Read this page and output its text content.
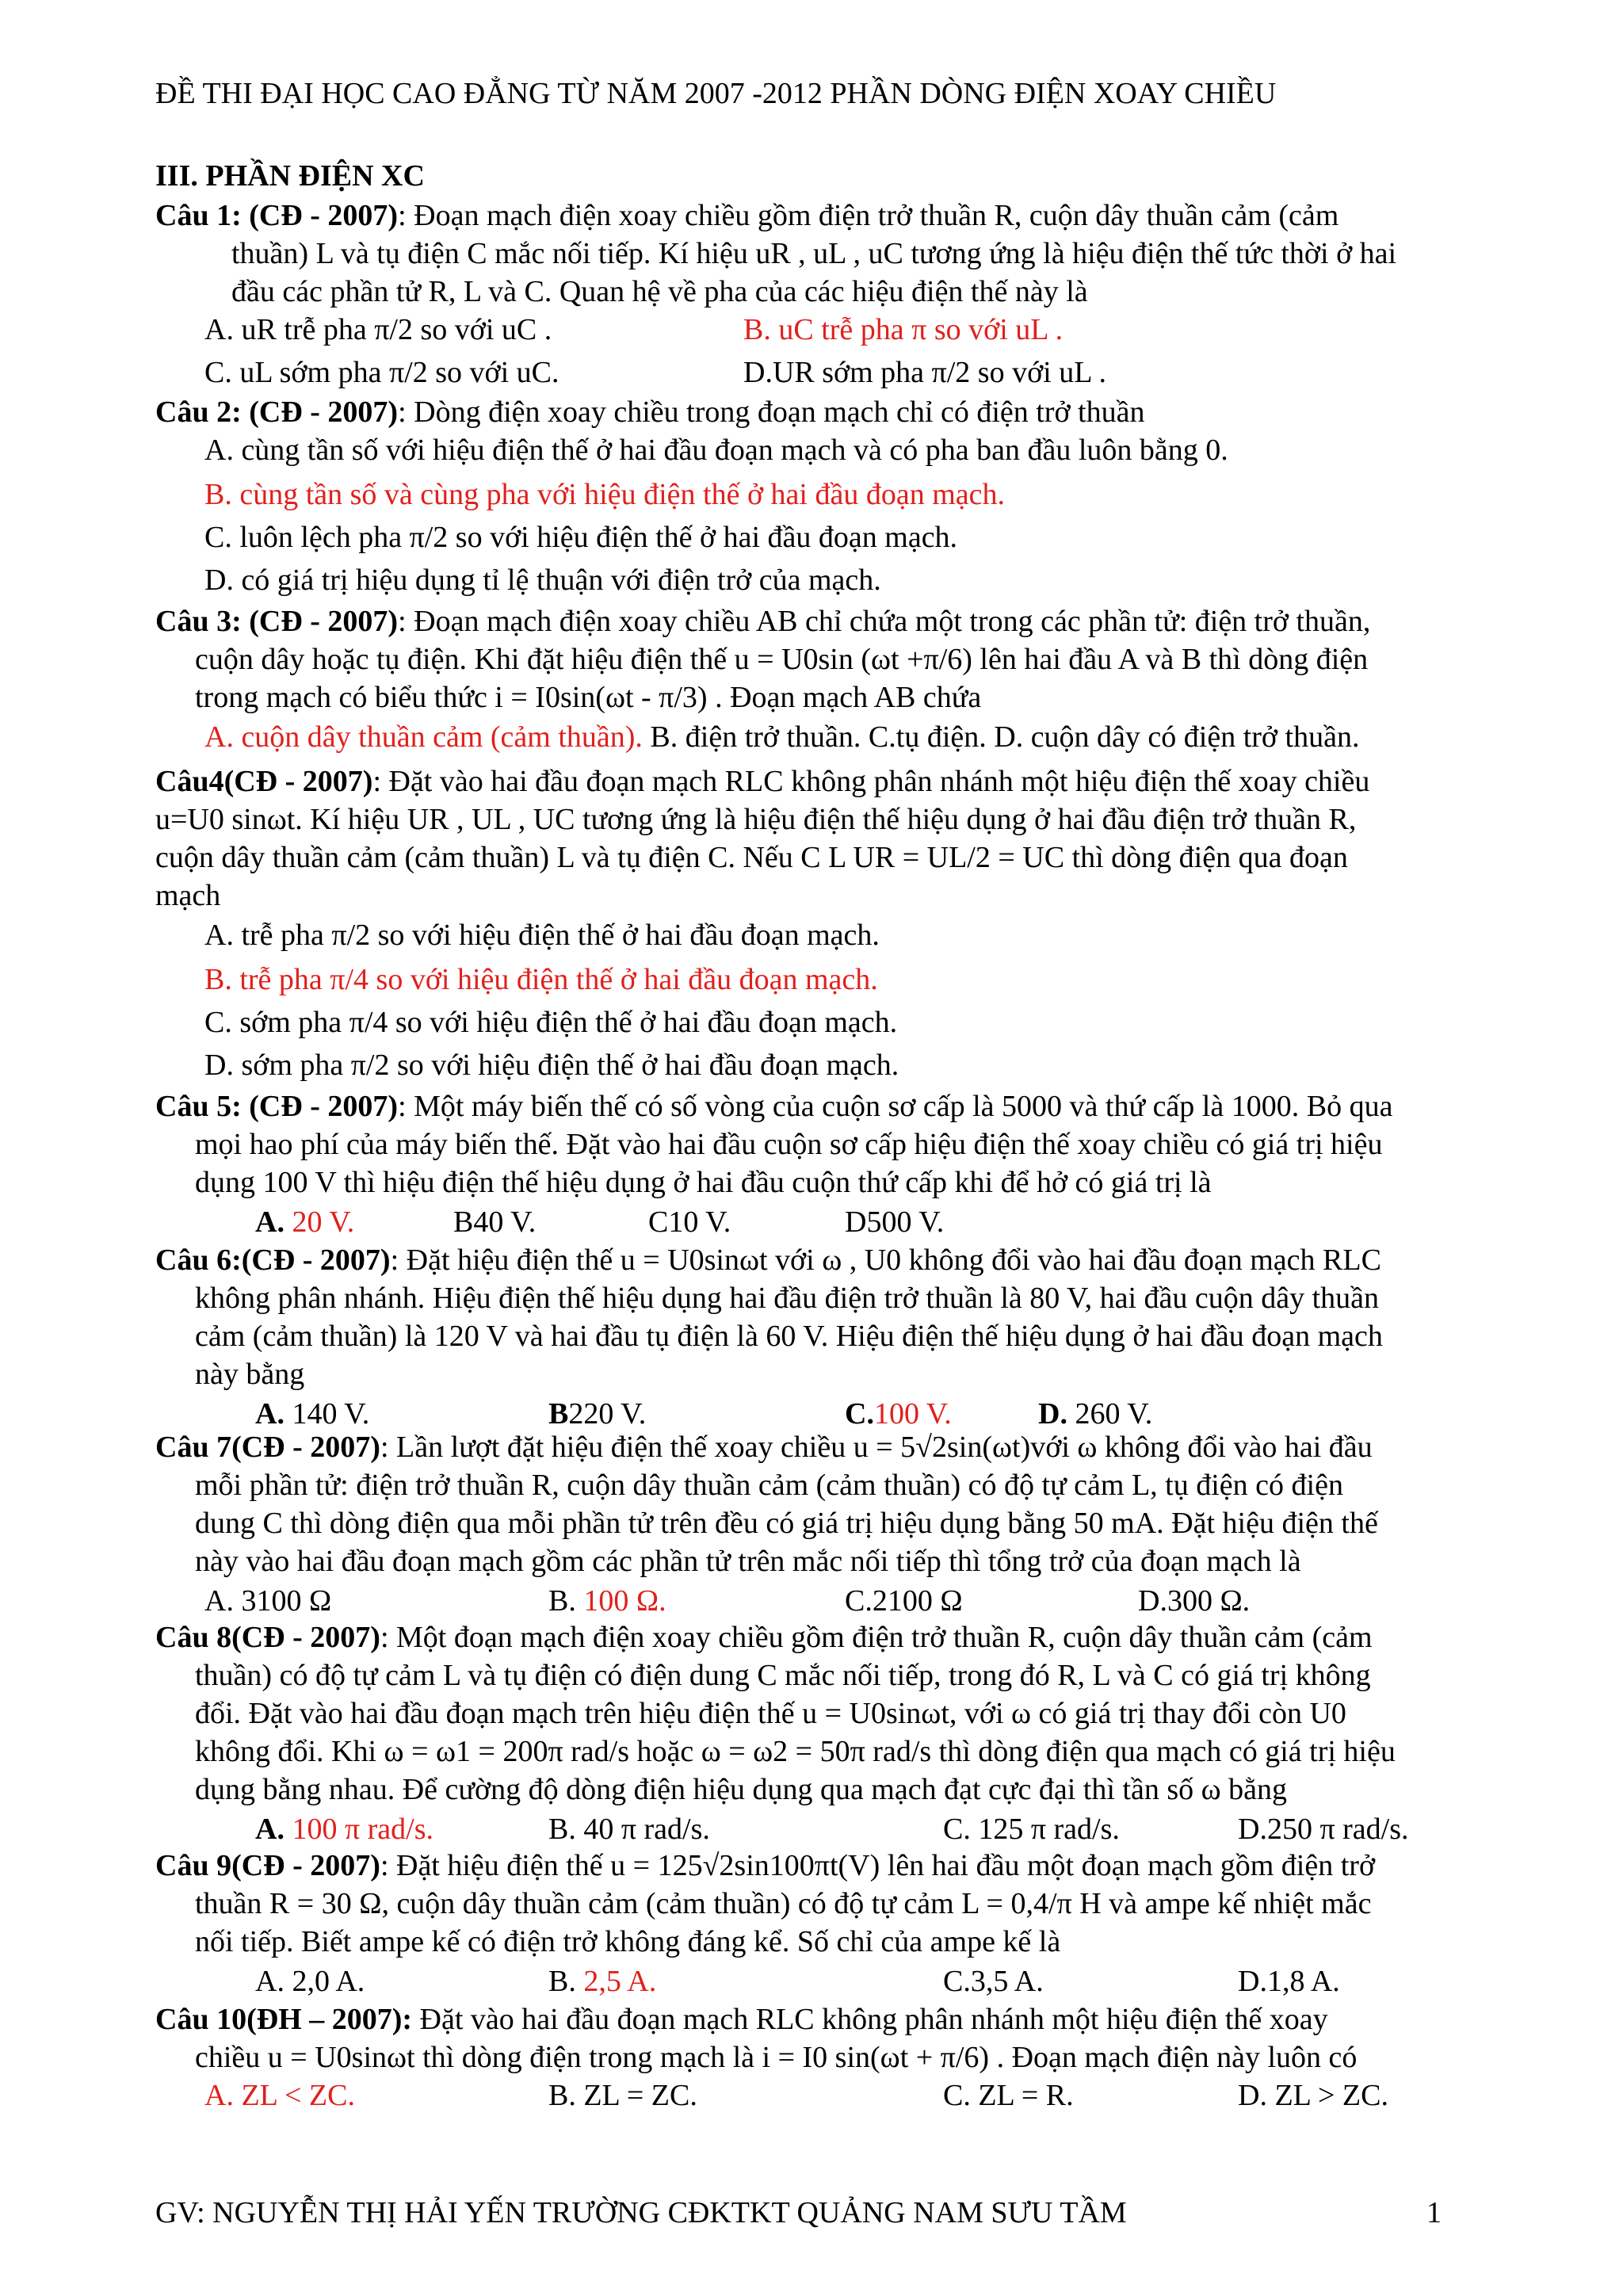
ĐỀ THI ĐẠI HỌC CAO ĐẲNG TỪ NĂM 2007 -2012 PHẦN DÒNG ĐIỆN XOAY CHIỀU
III. PHẦN ĐIỆN XC
Câu 1: (CĐ - 2007): Đoạn mạch điện xoay chiều gồm điện trở thuần R, cuộn dây thuần cảm (cảm
thuần) L và tụ điện C mắc nối tiếp. Kí hiệu uR , uL , uC tương ứng là hiệu điện thế tức thời ở hai
đầu các phần tử R, L và C. Quan hệ về pha của các hiệu điện thế này là
A. uR trễ pha π/2 so với uC .	B. uC trễ pha π so với uL .
C. uL sớm pha π/2 so với uC.	D.UR sớm pha π/2 so với uL .
Câu 2: (CĐ - 2007): Dòng điện xoay chiều trong đoạn mạch chỉ có điện trở thuần
A. cùng tần số với hiệu điện thế ở hai đầu đoạn mạch và có pha ban đầu luôn bằng 0.
B. cùng tần số và cùng pha với hiệu điện thế ở hai đầu đoạn mạch.
C. luôn lệch pha π/2 so với hiệu điện thế ở hai đầu đoạn mạch.
D. có giá trị hiệu dụng tỉ lệ thuận với điện trở của mạch.
Câu 3: (CĐ - 2007): Đoạn mạch điện xoay chiều AB chỉ chứa một trong các phần tử: điện trở thuần,
cuộn dây hoặc tụ điện. Khi đặt hiệu điện thế u = U0sin (ωt +π/6) lên hai đầu A và B thì dòng điện
trong mạch có biểu thức i = I0sin(ωt - π/3) . Đoạn mạch AB chứa
A. cuộn dây thuần cảm (cảm thuần). B. điện trở thuần. C.tụ điện. D. cuộn dây có điện trở thuần.
Câu4(CĐ - 2007): Đặt vào hai đầu đoạn mạch RLC không phân nhánh một hiệu điện thế xoay chiều
u=U0 sinωt. Kí hiệu UR , UL , UC tương ứng là hiệu điện thế hiệu dụng ở hai đầu điện trở thuần R,
cuộn dây thuần cảm (cảm thuần) L và tụ điện C. Nếu C L UR = UL/2 = UC thì dòng điện qua đoạn
mạch
A. trễ pha π/2 so với hiệu điện thế ở hai đầu đoạn mạch.
B. trễ pha π/4 so với hiệu điện thế ở hai đầu đoạn mạch.
C. sớm pha π/4 so với hiệu điện thế ở hai đầu đoạn mạch.
D. sớm pha π/2 so với hiệu điện thế ở hai đầu đoạn mạch.
Câu 5: (CĐ - 2007): Một máy biến thế có số vòng của cuộn sơ cấp là 5000 và thứ cấp là 1000. Bỏ qua
mọi hao phí của máy biến thế. Đặt vào hai đầu cuộn sơ cấp hiệu điện thế xoay chiều có giá trị hiệu
dụng 100 V thì hiệu điện thế hiệu dụng ở hai đầu cuộn thứ cấp khi để hở có giá trị là
A. 20 V.	B40 V.	C10 V.	D500 V.
Câu 6:(CĐ - 2007): Đặt hiệu điện thế u = U0sinωt với ω , U0 không đổi vào hai đầu đoạn mạch RLC
không phân nhánh. Hiệu điện thế hiệu dụng hai đầu điện trở thuần là 80 V, hai đầu cuộn dây thuần
cảm (cảm thuần) là 120 V và hai đầu tụ điện là 60 V. Hiệu điện thế hiệu dụng ở hai đầu đoạn mạch
này bằng
A. 140 V.	B220 V.	C.100 V.	D. 260 V.
Câu 7(CĐ - 2007): Lần lượt đặt hiệu điện thế xoay chiều u = 5√2sin(ωt)với ω không đổi vào hai đầu
mỗi phần tử: điện trở thuần R, cuộn dây thuần cảm (cảm thuần) có độ tự cảm L, tụ điện có điện
dung C thì dòng điện qua mỗi phần tử trên đều có giá trị hiệu dụng bằng 50 mA. Đặt hiệu điện thế
này vào hai đầu đoạn mạch gồm các phần tử trên mắc nối tiếp thì tổng trở của đoạn mạch là
A. 3100 Ω	B. 100 Ω.	C.2100 Ω	D.300 Ω.
Câu 8(CĐ - 2007): Một đoạn mạch điện xoay chiều gồm điện trở thuần R, cuộn dây thuần cảm (cảm
thuần) có độ tự cảm L và tụ điện có điện dung C mắc nối tiếp, trong đó R, L và C có giá trị không
đổi. Đặt vào hai đầu đoạn mạch trên hiệu điện thế u = U0sinωt, với ω có giá trị thay đổi còn U0
không đổi. Khi ω = ω1 = 200π rad/s hoặc ω = ω2 = 50π rad/s thì dòng điện qua mạch có giá trị hiệu
dụng bằng nhau. Để cường độ dòng điện hiệu dụng qua mạch đạt cực đại thì tần số ω bằng
A. 100 π rad/s.	B. 40 π rad/s.	C. 125 π rad/s.	D.250 π rad/s.
Câu 9(CĐ - 2007): Đặt hiệu điện thế u = 125√2sin100πt(V) lên hai đầu một đoạn mạch gồm điện trở
thuần R = 30 Ω, cuộn dây thuần cảm (cảm thuần) có độ tự cảm L = 0,4/π H và ampe kế nhiệt mắc
nối tiếp. Biết ampe kế có điện trở không đáng kể. Số chỉ của ampe kế là
A. 2,0 A.	B. 2,5 A.	C.3,5 A.	D.1,8 A.
Câu 10(ĐH – 2007): Đặt vào hai đầu đoạn mạch RLC không phân nhánh một hiệu điện thế xoay
chiều u = U0sinωt thì dòng điện trong mạch là i = I0 sin(ωt + π/6) . Đoạn mạch điện này luôn có
A. ZL < ZC.	B. ZL = ZC.	C. ZL = R.	D. ZL > ZC.
GV: NGUYỄN THỊ HẢI YẾN TRƯỜNG CĐKTKT QUẢNG NAM SƯU TẦM	1
